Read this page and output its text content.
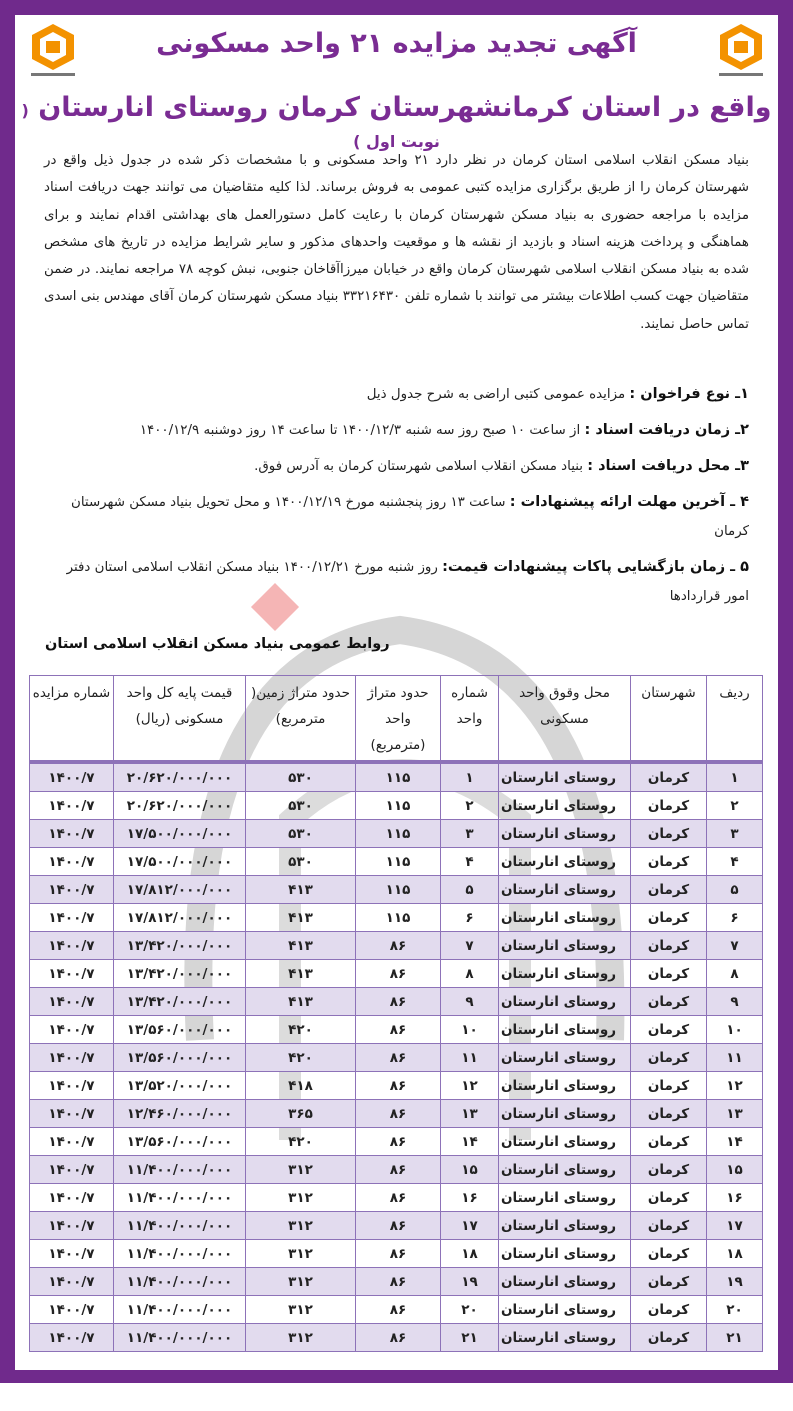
آگهی تجدید مزایده ۲۱ واحد مسکونی
واقع در استان کرمانشهرستان کرمان روستای انارستان ( نوبت اول )
بنیاد مسکن انقلاب اسلامی استان کرمان در نظر دارد ۲۱ واحد مسکونی و با مشخصات ذکر شده در جدول ذیل واقع در شهرستان کرمان را از طریق برگزاری مزایده کتبی عمومی به فروش برساند. لذا کلیه متقاضیان می توانند جهت دریافت اسناد مزایده با مراجعه حضوری به بنیاد مسکن شهرستان کرمان با رعایت کامل دستورالعمل های بهداشتی اقدام نمایند و برای هماهنگی و پرداخت هزینه اسناد و بازدید از نقشه ها و موقعیت واحدهای مذکور و سایر شرایط مزایده در تاریخ های مشخص شده به بنیاد مسکن انقلاب اسلامی شهرستان کرمان واقع در خیابان میرزاآقاخان جنوبی، نبش کوچه ۷۸ مراجعه نمایند. در ضمن متقاضیان جهت کسب اطلاعات بیشتر می توانند با شماره تلفن ۳۳۲۱۶۴۳۰ بنیاد مسکن شهرستان کرمان آقای مهندس بنی اسدی تماس حاصل نمایند.
۱ـ نوع فراخوان : مزایده عمومی کتبی اراضی به شرح جدول ذیل
۲ـ زمان دریافت اسناد : از ساعت ۱۰ صبح روز سه شنبه ۱۴۰۰/۱۲/۳ تا ساعت ۱۴ روز دوشنبه ۱۴۰۰/۱۲/۹
۳ـ محل دریافت اسناد : بنیاد مسکن انقلاب اسلامی شهرستان کرمان به آدرس فوق.
۴ ـ آخرین مهلت ارائه پیشنهادات : ساعت ۱۳ روز پنجشنبه مورخ ۱۴۰۰/۱۲/۱۹ و محل تحویل بنیاد مسکن شهرستان کرمان
۵ ـ زمان بازگشایی پاکات پیشنهادات قیمت: روز شنبه مورخ ۱۴۰۰/۱۲/۲۱ بنیاد مسکن انقلاب اسلامی استان دفتر امور قراردادها
روابط عمومی بنیاد مسکن انقلاب اسلامی استان
ردیف	شهرستان	محل وقوق واحد مسکونی	شماره واحد	حدود متراژ واحد (مترمربع)	حدود متراژ زمین( مترمربع)	قیمت پایه کل واحد مسکونی (ریال)	شماره مزایده
۱	کرمان	روستای انارستان	۱	۱۱۵	۵۳۰	۲۰/۶۲۰/۰۰۰/۰۰۰	۱۴۰۰/۷
۲	کرمان	روستای انارستان	۲	۱۱۵	۵۳۰	۲۰/۶۲۰/۰۰۰/۰۰۰	۱۴۰۰/۷
۳	کرمان	روستای انارستان	۳	۱۱۵	۵۳۰	۱۷/۵۰۰/۰۰۰/۰۰۰	۱۴۰۰/۷
۴	کرمان	روستای انارستان	۴	۱۱۵	۵۳۰	۱۷/۵۰۰/۰۰۰/۰۰۰	۱۴۰۰/۷
۵	کرمان	روستای انارستان	۵	۱۱۵	۴۱۳	۱۷/۸۱۲/۰۰۰/۰۰۰	۱۴۰۰/۷
۶	کرمان	روستای انارستان	۶	۱۱۵	۴۱۳	۱۷/۸۱۲/۰۰۰/۰۰۰	۱۴۰۰/۷
۷	کرمان	روستای انارستان	۷	۸۶	۴۱۳	۱۳/۴۲۰/۰۰۰/۰۰۰	۱۴۰۰/۷
۸	کرمان	روستای انارستان	۸	۸۶	۴۱۳	۱۳/۴۲۰/۰۰۰/۰۰۰	۱۴۰۰/۷
۹	کرمان	روستای انارستان	۹	۸۶	۴۱۳	۱۳/۴۲۰/۰۰۰/۰۰۰	۱۴۰۰/۷
۱۰	کرمان	روستای انارستان	۱۰	۸۶	۴۲۰	۱۳/۵۶۰/۰۰۰/۰۰۰	۱۴۰۰/۷
۱۱	کرمان	روستای انارستان	۱۱	۸۶	۴۲۰	۱۳/۵۶۰/۰۰۰/۰۰۰	۱۴۰۰/۷
۱۲	کرمان	روستای انارستان	۱۲	۸۶	۴۱۸	۱۳/۵۲۰/۰۰۰/۰۰۰	۱۴۰۰/۷
۱۳	کرمان	روستای انارستان	۱۳	۸۶	۳۶۵	۱۲/۴۶۰/۰۰۰/۰۰۰	۱۴۰۰/۷
۱۴	کرمان	روستای انارستان	۱۴	۸۶	۴۲۰	۱۳/۵۶۰/۰۰۰/۰۰۰	۱۴۰۰/۷
۱۵	کرمان	روستای انارستان	۱۵	۸۶	۳۱۲	۱۱/۴۰۰/۰۰۰/۰۰۰	۱۴۰۰/۷
۱۶	کرمان	روستای انارستان	۱۶	۸۶	۳۱۲	۱۱/۴۰۰/۰۰۰/۰۰۰	۱۴۰۰/۷
۱۷	کرمان	روستای انارستان	۱۷	۸۶	۳۱۲	۱۱/۴۰۰/۰۰۰/۰۰۰	۱۴۰۰/۷
۱۸	کرمان	روستای انارستان	۱۸	۸۶	۳۱۲	۱۱/۴۰۰/۰۰۰/۰۰۰	۱۴۰۰/۷
۱۹	کرمان	روستای انارستان	۱۹	۸۶	۳۱۲	۱۱/۴۰۰/۰۰۰/۰۰۰	۱۴۰۰/۷
۲۰	کرمان	روستای انارستان	۲۰	۸۶	۳۱۲	۱۱/۴۰۰/۰۰۰/۰۰۰	۱۴۰۰/۷
۲۱	کرمان	روستای انارستان	۲۱	۸۶	۳۱۲	۱۱/۴۰۰/۰۰۰/۰۰۰	۱۴۰۰/۷
